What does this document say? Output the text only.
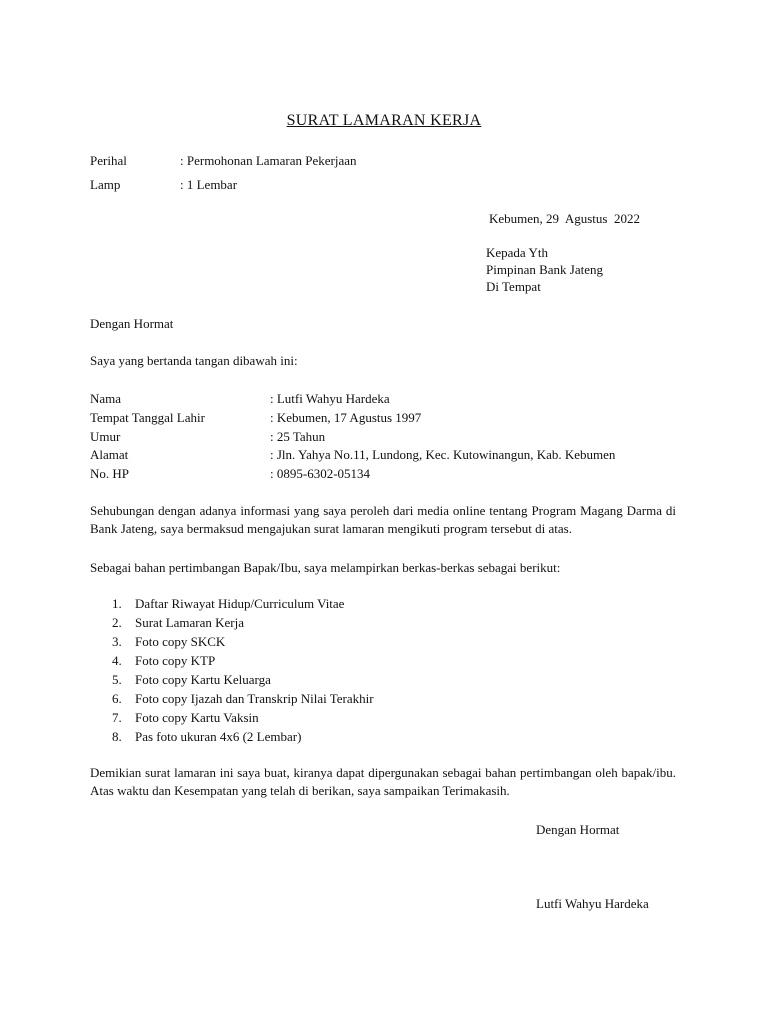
SURAT LAMARAN KERJA
Perihal	: Permohonan Lamaran Pekerjaan
Lamp	: 1 Lembar
Kebumen, 29  Agustus  2022
Kepada Yth
Pimpinan Bank Jateng
Di Tempat
Dengan Hormat
Saya yang bertanda tangan dibawah ini:
Nama	: Lutfi Wahyu Hardeka
Tempat Tanggal Lahir	: Kebumen, 17 Agustus 1997
Umur	: 25 Tahun
Alamat	: Jln. Yahya No.11, Lundong, Kec. Kutowinangun, Kab. Kebumen
No. HP	: 0895-6302-05134
Sehubungan dengan adanya informasi yang saya peroleh dari media online tentang Program Magang Darma di Bank Jateng, saya bermaksud mengajukan surat lamaran mengikuti program tersebut di atas.
Sebagai bahan pertimbangan Bapak/Ibu, saya melampirkan berkas-berkas sebagai berikut:
1. Daftar Riwayat Hidup/Curriculum Vitae
2. Surat Lamaran Kerja
3. Foto copy SKCK
4. Foto copy KTP
5. Foto copy Kartu Keluarga
6. Foto copy Ijazah dan Transkrip Nilai Terakhir
7. Foto copy Kartu Vaksin
8. Pas foto ukuran 4x6 (2 Lembar)
Demikian surat lamaran ini saya buat, kiranya dapat dipergunakan sebagai bahan pertimbangan oleh bapak/ibu. Atas waktu dan Kesempatan yang telah di berikan, saya sampaikan Terimakasih.
Dengan Hormat
Lutfi Wahyu Hardeka
